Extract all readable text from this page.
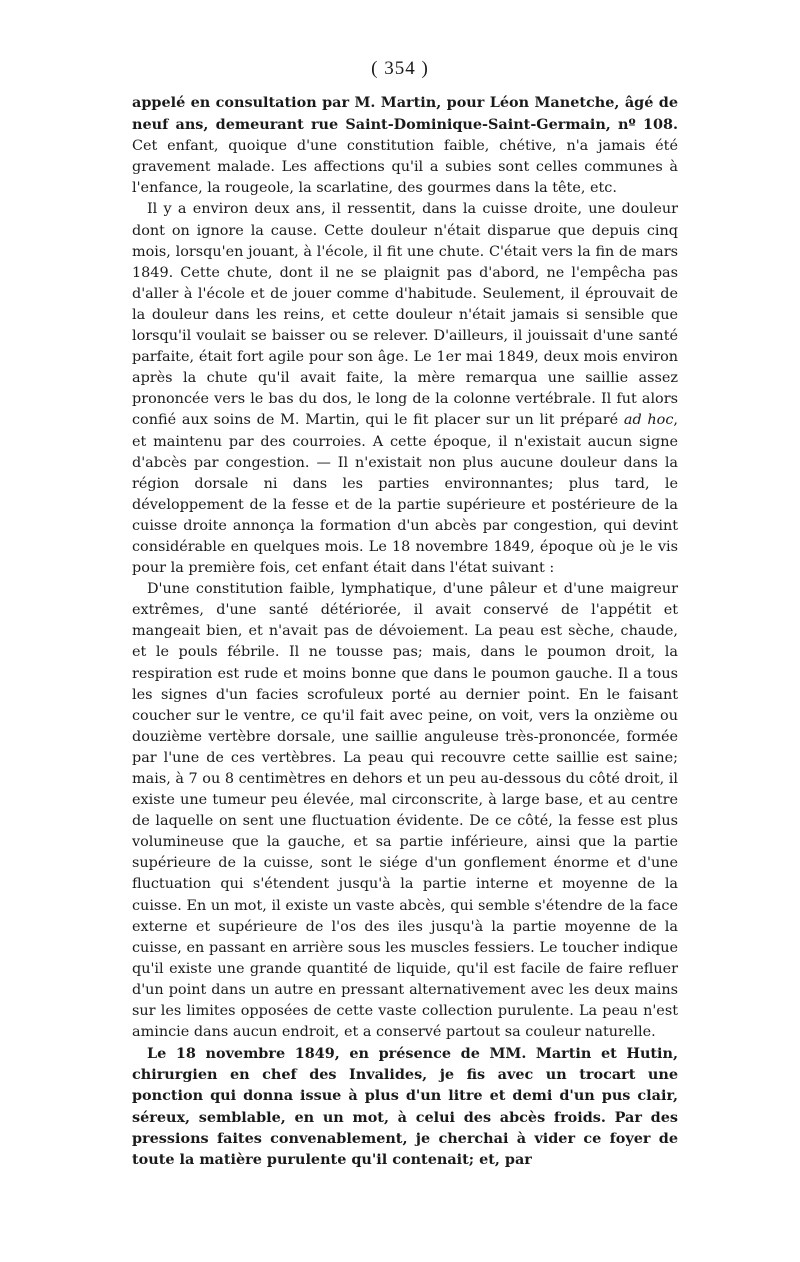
( 354 )

appelé en consultation par M. Martin, pour Léon Manetche, âgé de neuf ans, demeurant rue Saint-Dominique-Saint-Germain, nº 108. Cet enfant, quoique d'une constitution faible, chétive, n'a jamais été gravement malade. Les affections qu'il a subies sont celles communes à l'enfance, la rougeole, la scarlatine, des gourmes dans la tête, etc.

Il y a environ deux ans, il ressentit, dans la cuisse droite, une douleur dont on ignore la cause. Cette douleur n'était disparue que depuis cinq mois, lorsqu'en jouant, à l'école, il fit une chute. C'était vers la fin de mars 1849. Cette chute, dont il ne se plaignit pas d'abord, ne l'empêcha pas d'aller à l'école et de jouer comme d'habitude. Seulement, il éprouvait de la douleur dans les reins, et cette douleur n'était jamais si sensible que lorsqu'il voulait se baisser ou se relever. D'ailleurs, il jouissait d'une santé parfaite, était fort agile pour son âge. Le 1er mai 1849, deux mois environ après la chute qu'il avait faite, la mère remarqua une saillie assez prononcée vers le bas du dos, le long de la colonne vertébrale. Il fut alors confié aux soins de M. Martin, qui le fit placer sur un lit préparé ad hoc, et maintenu par des courroies. A cette époque, il n'existait aucun signe d'abcès par congestion. — Il n'existait non plus aucune douleur dans la région dorsale ni dans les parties environnantes; plus tard, le développement de la fesse et de la partie supérieure et postérieure de la cuisse droite annonça la formation d'un abcès par congestion, qui devint considérable en quelques mois. Le 18 novembre 1849, époque où je le vis pour la première fois, cet enfant était dans l'état suivant :

D'une constitution faible, lymphatique, d'une pâleur et d'une maigreur extrêmes, d'une santé détériorée, il avait conservé de l'appétit et mangeait bien, et n'avait pas de dévoiement. La peau est sèche, chaude, et le pouls fébrile. Il ne tousse pas; mais, dans le poumon droit, la respiration est rude et moins bonne que dans le poumon gauche. Il a tous les signes d'un facies scrofuleux porté au dernier point. En le faisant coucher sur le ventre, ce qu'il fait avec peine, on voit, vers la onzième ou douzième vertèbre dorsale, une saillie anguleuse très-prononcée, formée par l'une de ces vertèbres. La peau qui recouvre cette saillie est saine; mais, à 7 ou 8 centimètres en dehors et un peu au-dessous du côté droit, il existe une tumeur peu élevée, mal circonscrite, à large base, et au centre de laquelle on sent une fluctuation évidente. De ce côté, la fesse est plus volumineuse que la gauche, et sa partie inférieure, ainsi que la partie supérieure de la cuisse, sont le siége d'un gonflement énorme et d'une fluctuation qui s'étendent jusqu'à la partie interne et moyenne de la cuisse. En un mot, il existe un vaste abcès, qui semble s'étendre de la face externe et supérieure de l'os des iles jusqu'à la partie moyenne de la cuisse, en passant en arrière sous les muscles fessiers. Le toucher indique qu'il existe une grande quantité de liquide, qu'il est facile de faire refluer d'un point dans un autre en pressant alternativement avec les deux mains sur les limites opposées de cette vaste collection purulente. La peau n'est amincie dans aucun endroit, et a conservé partout sa couleur naturelle.

Le 18 novembre 1849, en présence de MM. Martin et Hutin, chirurgien en chef des Invalides, je fis avec un trocart une ponction qui donna issue à plus d'un litre et demi d'un pus clair, séreux, semblable, en un mot, à celui des abcès froids. Par des pressions faites convenablement, je cherchai à vider ce foyer de toute la matière purulente qu'il contenait; et, par
